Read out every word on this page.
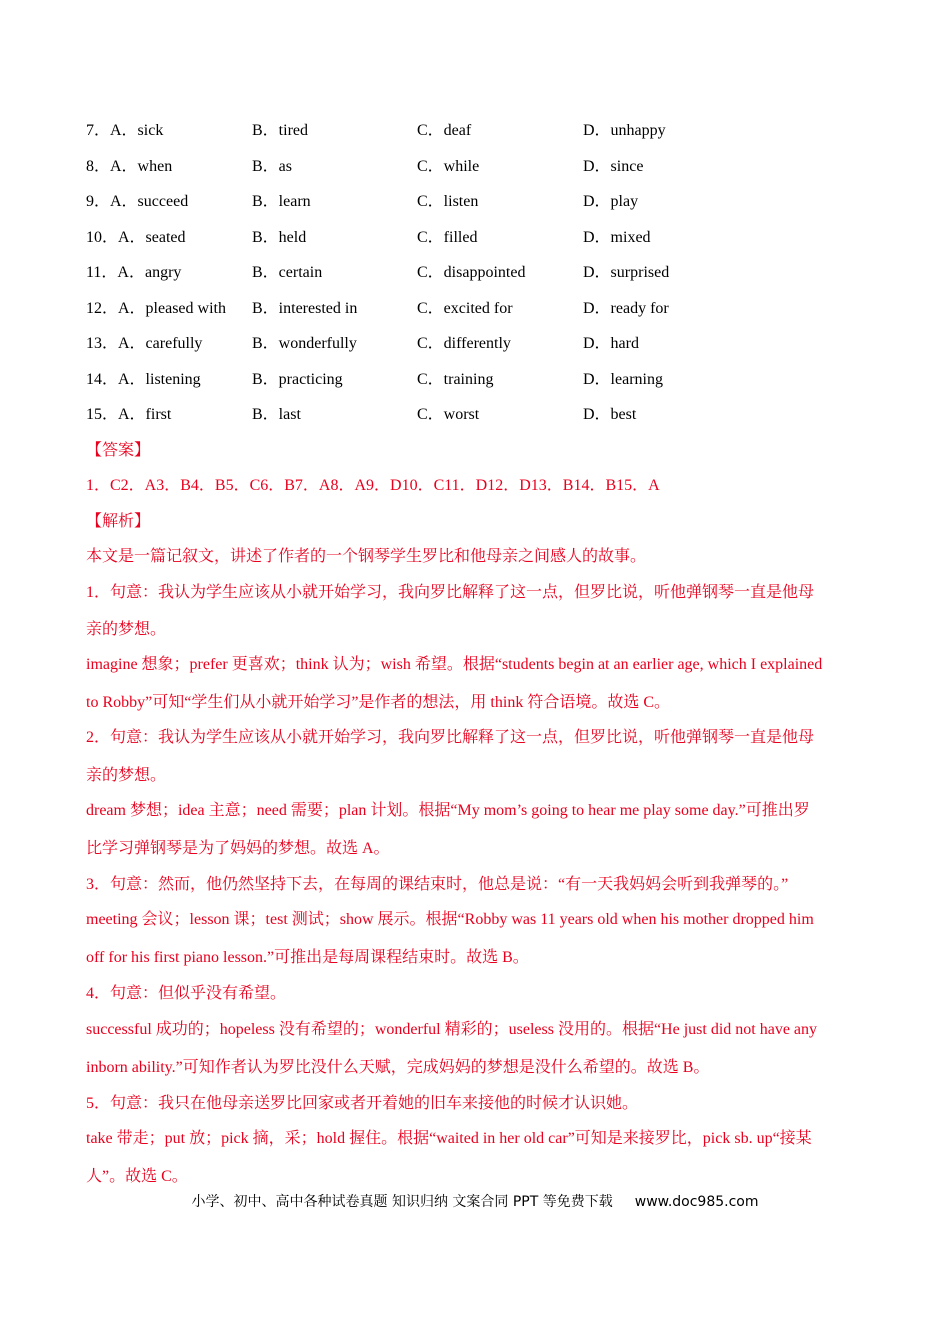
7．A．sick	B．tired	C．deaf	D．unhappy
8．A．when	B．as	C．while	D．since
9．A．succeed	B．learn	C．listen	D．play
10．A．seated	B．held	C．filled	D．mixed
11．A．angry	B．certain	C．disappointed	D．surprised
12．A．pleased with B．interested in	C．excited for	D．ready for
13．A．carefully	B．wonderfully	C．differently	D．hard
14．A．listening	B．practicing	C．training	D．learning
15．A．first	B．last	C．worst	D．best
【答案】
1．C2．A3．B4．B5．C6．B7．A8．A9．D10．C11．D12．D13．B14．B15．A
【解析】
本文是一篇记叙文，讲述了作者的一个钢琴学生罗比和他母亲之间感人的故事。
1．句意：我认为学生应该从小就开始学习，我向罗比解释了这一点，但罗比说，听他弹钢琴一直是他母
亲的梦想。
imagine 想象；prefer 更喜欢；think 认为；wish 希望。根据“students begin at an earlier age, which I explained
to Robby”可知“学生们从小就开始学习”是作者的想法，用 think 符合语境。故选 C。
2．句意：我认为学生应该从小就开始学习，我向罗比解释了这一点，但罗比说，听他弹钢琴一直是他母
亲的梦想。
dream 梦想；idea 主意；need 需要；plan 计划。根据“My mom’s going to hear me play some day.”可推出罗
比学习弹钢琴是为了妈妈的梦想。故选 A。
3．句意：然而，他仍然坚持下去，在每周的课结束时，他总是说：“有一天我妈妈会听到我弹琴的。”
meeting 会议；lesson 课；test 测试；show 展示。根据“Robby was 11 years old when his mother dropped him
off for his first piano lesson.”可推出是每周课程结束时。故选 B。
4．句意：但似乎没有希望。
successful 成功的；hopeless 没有希望的；wonderful 精彩的；useless 没用的。根据“He just did not have any
inborn ability.”可知作者认为罗比没什么天赋，完成妈妈的梦想是没什么希望的。故选 B。
5．句意：我只在他母亲送罗比回家或者开着她的旧车来接他的时候才认识她。
take 带走；put 放；pick 摘，采；hold 握住。根据“waited in her old car”可知是来接罗比，pick sb. up“接某
人”。故选 C。
小学、初中、高中各种试卷真题 知识归纳 文案合同 PPT 等免费下载 www.doc985.com
